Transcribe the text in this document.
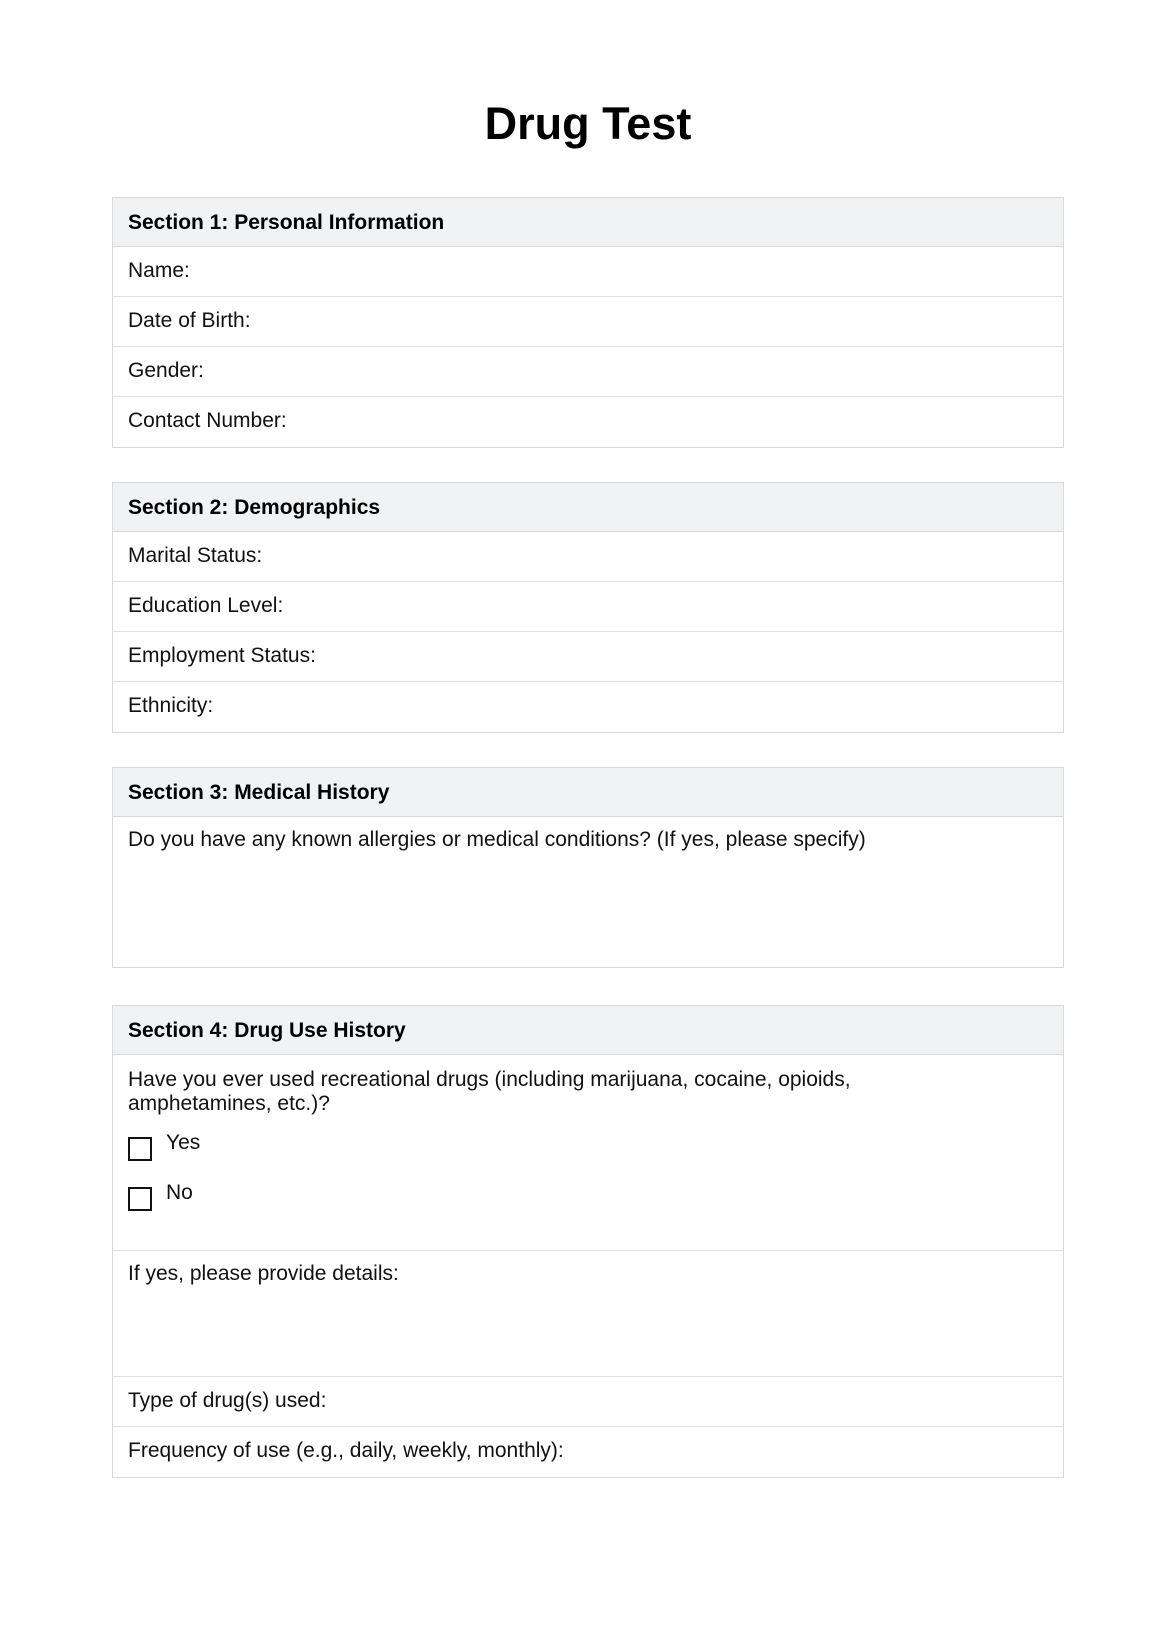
Drug Test
Section 1: Personal Information
Name:
Date of Birth:
Gender:
Contact Number:
Section 2: Demographics
Marital Status:
Education Level:
Employment Status:
Ethnicity:
Section 3: Medical History
Do you have any known allergies or medical conditions? (If yes, please specify)
Section 4: Drug Use History
Have you ever used recreational drugs (including marijuana, cocaine, opioids, amphetamines, etc.)?
Yes
No
If yes, please provide details:
Type of drug(s) used:
Frequency of use (e.g., daily, weekly, monthly):
